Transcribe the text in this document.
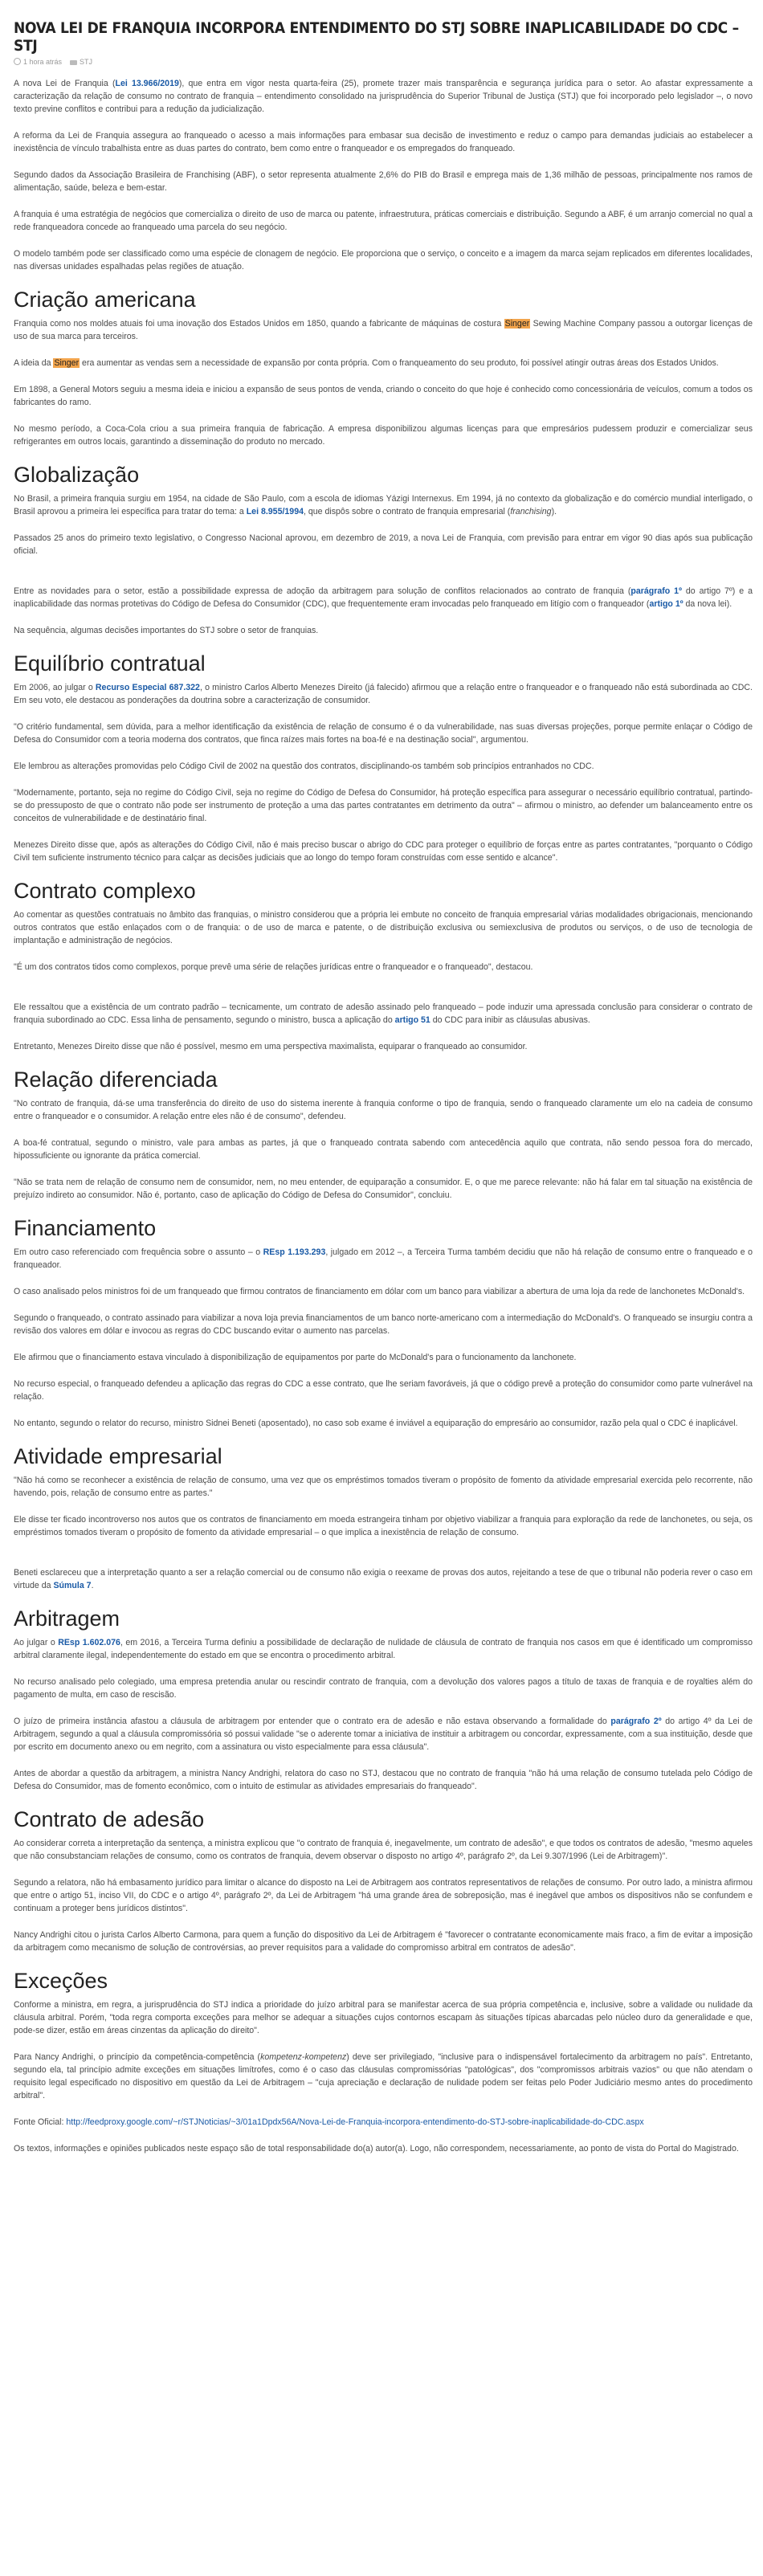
NOVA LEI DE FRANQUIA INCORPORA ENTENDIMENTO DO STJ SOBRE INAPLICABILIDADE DO CDC – STJ
1 hora atrás	STJ

A nova Lei de Franquia (Lei 13.966/2019), que entra em vigor nesta quarta-feira (25), promete trazer mais transparência e segurança jurídica para o setor. Ao afastar expressamente a caracterização da relação de consumo no contrato de franquia – entendimento consolidado na jurisprudência do Superior Tribunal de Justiça (STJ) que foi incorporado pelo legislador –, o novo texto previne conflitos e contribui para a redução da judicialização.

A reforma da Lei de Franquia assegura ao franqueado o acesso a mais informações para embasar sua decisão de investimento e reduz o campo para demandas judiciais ao estabelecer a inexistência de vínculo trabalhista entre as duas partes do contrato, bem como entre o franqueador e os empregados do franqueado.

Segundo dados da Associação Brasileira de Franchising (ABF), o setor representa atualmente 2,6% do PIB do Brasil e emprega mais de 1,36 milhão de pessoas, principalmente nos ramos de alimentação, saúde, beleza e bem-estar.

A franquia é uma estratégia de negócios que comercializa o direito de uso de marca ou patente, infraestrutura, práticas comerciais e distribuição. Segundo a ABF, é um arranjo comercial no qual a rede franqueadora concede ao franqueado uma parcela do seu negócio.

O modelo também pode ser classificado como uma espécie de clonagem de negócio. Ele proporciona que o serviço, o conceito e a imagem da marca sejam replicados em diferentes localidades, nas diversas unidades espalhadas pelas regiões de atuação.

Criação americana

Franquia como nos moldes atuais foi uma inovação dos Estados Unidos em 1850, quando a fabricante de máquinas de costura Singer Sewing Machine Company passou a outorgar licenças de uso de sua marca para terceiros.

A ideia da Singer era aumentar as vendas sem a necessidade de expansão por conta própria. Com o franqueamento do seu produto, foi possível atingir outras áreas dos Estados Unidos.

Em 1898, a General Motors seguiu a mesma ideia e iniciou a expansão de seus pontos de venda, criando o conceito do que hoje é conhecido como concessionária de veículos, comum a todos os fabricantes do ramo.

No mesmo período, a Coca-Cola criou a sua primeira franquia de fabricação. A empresa disponibilizou algumas licenças para que empresários pudessem produzir e comercializar seus refrigerantes em outros locais, garantindo a disseminação do produto no mercado.

Globalização

No Brasil, a primeira franquia surgiu em 1954, na cidade de São Paulo, com a escola de idiomas Yázigi Internexus. Em 1994, já no contexto da globalização e do comércio mundial interligado, o Brasil aprovou a primeira lei específica para tratar do tema: a Lei 8.955/1994, que dispôs sobre o contrato de franquia empresarial (franchising).

Passados 25 anos do primeiro texto legislativo, o Congresso Nacional aprovou, em dezembro de 2019, a nova Lei de Franquia, com previsão para entrar em vigor 90 dias após sua publicação oficial.

Entre as novidades para o setor, estão a possibilidade expressa de adoção da arbitragem para solução de conflitos relacionados ao contrato de franquia (parágrafo 1º do artigo 7º) e a inaplicabilidade das normas protetivas do Código de Defesa do Consumidor (CDC), que frequentemente eram invocadas pelo franqueado em litígio com o franqueador (artigo 1º da nova lei).

Na sequência, algumas decisões importantes do STJ sobre o setor de franquias.

Equilíbrio contratual

Em 2006, ao julgar o Recurso Especial 687.322, o ministro Carlos Alberto Menezes Direito (já falecido) afirmou que a relação entre o franqueador e o franqueado não está subordinada ao CDC. Em seu voto, ele destacou as ponderações da doutrina sobre a caracterização de consumidor.

"O critério fundamental, sem dúvida, para a melhor identificação da existência de relação de consumo é o da vulnerabilidade, nas suas diversas projeções, porque permite enlaçar o Código de Defesa do Consumidor com a teoria moderna dos contratos, que finca raízes mais fortes na boa-fé e na destinação social", argumentou.

Ele lembrou as alterações promovidas pelo Código Civil de 2002 na questão dos contratos, disciplinando-os também sob princípios entranhados no CDC.

"Modernamente, portanto, seja no regime do Código Civil, seja no regime do Código de Defesa do Consumidor, há proteção específica para assegurar o necessário equilíbrio contratual, partindo-se do pressuposto de que o contrato não pode ser instrumento de proteção a uma das partes contratantes em detrimento da outra" – afirmou o ministro, ao defender um balanceamento entre os conceitos de vulnerabilidade e de destinatário final.

Menezes Direito disse que, após as alterações do Código Civil, não é mais preciso buscar o abrigo do CDC para proteger o equilíbrio de forças entre as partes contratantes, "porquanto o Código Civil tem suficiente instrumento técnico para calçar as decisões judiciais que ao longo do tempo foram construídas com esse sentido e alcance".

Contrato complexo

Ao comentar as questões contratuais no âmbito das franquias, o ministro considerou que a própria lei embute no conceito de franquia empresarial várias modalidades obrigacionais, mencionando outros contratos que estão enlaçados com o de franquia: o de uso de marca e patente, o de distribuição exclusiva ou semiexclusiva de produtos ou serviços, o de uso de tecnologia de implantação e administração de negócios.

"É um dos contratos tidos como complexos, porque prevê uma série de relações jurídicas entre o franqueador e o franqueado", destacou.

Ele ressaltou que a existência de um contrato padrão – tecnicamente, um contrato de adesão assinado pelo franqueado – pode induzir uma apressada conclusão para considerar o contrato de franquia subordinado ao CDC. Essa linha de pensamento, segundo o ministro, busca a aplicação do artigo 51 do CDC para inibir as cláusulas abusivas.

Entretanto, Menezes Direito disse que não é possível, mesmo em uma perspectiva maximalista, equiparar o franqueado ao consumidor.

Relação diferenciada

"No contrato de franquia, dá-se uma transferência do direito de uso do sistema inerente à franquia conforme o tipo de franquia, sendo o franqueado claramente um elo na cadeia de consumo entre o franqueador e o consumidor. A relação entre eles não é de consumo", defendeu.

A boa-fé contratual, segundo o ministro, vale para ambas as partes, já que o franqueado contrata sabendo com antecedência aquilo que contrata, não sendo pessoa fora do mercado, hipossuficiente ou ignorante da prática comercial.

"Não se trata nem de relação de consumo nem de consumidor, nem, no meu entender, de equiparação a consumidor. E, o que me parece relevante: não há falar em tal situação na existência de prejuízo indireto ao consumidor. Não é, portanto, caso de aplicação do Código de Defesa do Consumidor", concluiu.

Financiamento

Em outro caso referenciado com frequência sobre o assunto – o REsp 1.193.293, julgado em 2012 –, a Terceira Turma também decidiu que não há relação de consumo entre o franqueado e o franqueador.

O caso analisado pelos ministros foi de um franqueado que firmou contratos de financiamento em dólar com um banco para viabilizar a abertura de uma loja da rede de lanchonetes McDonald's.

Segundo o franqueado, o contrato assinado para viabilizar a nova loja previa financiamentos de um banco norte-americano com a intermediação do McDonald's. O franqueado se insurgiu contra a revisão dos valores em dólar e invocou as regras do CDC buscando evitar o aumento nas parcelas.

Ele afirmou que o financiamento estava vinculado à disponibilização de equipamentos por parte do McDonald's para o funcionamento da lanchonete.

No recurso especial, o franqueado defendeu a aplicação das regras do CDC a esse contrato, que lhe seriam favoráveis, já que o código prevê a proteção do consumidor como parte vulnerável na relação.

No entanto, segundo o relator do recurso, ministro Sidnei Beneti (aposentado), no caso sob exame é inviável a equiparação do empresário ao consumidor, razão pela qual o CDC é inaplicável.

Atividade empresarial

"Não há como se reconhecer a existência de relação de consumo, uma vez que os empréstimos tomados tiveram o propósito de fomento da atividade empresarial exercida pelo recorrente, não havendo, pois, relação de consumo entre as partes."

Ele disse ter ficado incontroverso nos autos que os contratos de financiamento em moeda estrangeira tinham por objetivo viabilizar a franquia para exploração da rede de lanchonetes, ou seja, os empréstimos tomados tiveram o propósito de fomento da atividade empresarial – o que implica a inexistência de relação de consumo.

Beneti esclareceu que a interpretação quanto a ser a relação comercial ou de consumo não exigia o reexame de provas dos autos, rejeitando a tese de que o tribunal não poderia rever o caso em virtude da Súmula 7.

Arbitragem

Ao julgar o REsp 1.602.076, em 2016, a Terceira Turma definiu a possibilidade de declaração de nulidade de cláusula de contrato de franquia nos casos em que é identificado um compromisso arbitral claramente ilegal, independentemente do estado em que se encontra o procedimento arbitral.

No recurso analisado pelo colegiado, uma empresa pretendia anular ou rescindir contrato de franquia, com a devolução dos valores pagos a título de taxas de franquia e de royalties além do pagamento de multa, em caso de rescisão.

O juízo de primeira instância afastou a cláusula de arbitragem por entender que o contrato era de adesão e não estava observando a formalidade do parágrafo 2º do artigo 4º da Lei de Arbitragem, segundo a qual a cláusula compromissória só possui validade "se o aderente tomar a iniciativa de instituir a arbitragem ou concordar, expressamente, com a sua instituição, desde que por escrito em documento anexo ou em negrito, com a assinatura ou visto especialmente para essa cláusula".

Antes de abordar a questão da arbitragem, a ministra Nancy Andrighi, relatora do caso no STJ, destacou que no contrato de franquia "não há uma relação de consumo tutelada pelo Código de Defesa do Consumidor, mas de fomento econômico, com o intuito de estimular as atividades empresariais do franqueado".

Contrato de adesão

Ao considerar correta a interpretação da sentença, a ministra explicou que "o contrato de franquia é, inegavelmente, um contrato de adesão", e que todos os contratos de adesão, "mesmo aqueles que não consubstanciam relações de consumo, como os contratos de franquia, devem observar o disposto no artigo 4º, parágrafo 2º, da Lei 9.307/1996 (Lei de Arbitragem)".

Segundo a relatora, não há embasamento jurídico para limitar o alcance do disposto na Lei de Arbitragem aos contratos representativos de relações de consumo. Por outro lado, a ministra afirmou que entre o artigo 51, inciso VII, do CDC e o artigo 4º, parágrafo 2º, da Lei de Arbitragem "há uma grande área de sobreposição, mas é inegável que ambos os dispositivos não se confundem e continuam a proteger bens jurídicos distintos".

Nancy Andrighi citou o jurista Carlos Alberto Carmona, para quem a função do dispositivo da Lei de Arbitragem é "favorecer o contratante economicamente mais fraco, a fim de evitar a imposição da arbitragem como mecanismo de solução de controvérsias, ao prever requisitos para a validade do compromisso arbitral em contratos de adesão".

Exceções

Conforme a ministra, em regra, a jurisprudência do STJ indica a prioridade do juízo arbitral para se manifestar acerca de sua própria competência e, inclusive, sobre a validade ou nulidade da cláusula arbitral. Porém, "toda regra comporta exceções para melhor se adequar a situações cujos contornos escapam às situações típicas abarcadas pelo núcleo duro da generalidade e que, pode-se dizer, estão em áreas cinzentas da aplicação do direito".

Para Nancy Andrighi, o princípio da competência-competência (kompetenz-kompetenz) deve ser privilegiado, "inclusive para o indispensável fortalecimento da arbitragem no país". Entretanto, segundo ela, tal princípio admite exceções em situações limítrofes, como é o caso das cláusulas compromissórias "patológicas", dos "compromissos arbitrais vazios" ou que não atendam o requisito legal especificado no dispositivo em questão da Lei de Arbitragem – "cuja apreciação e declaração de nulidade podem ser feitas pelo Poder Judiciário mesmo antes do procedimento arbitral".

Fonte Oficial: http://feedproxy.google.com/~r/STJNoticias/~3/01a1Dpdx56A/Nova-Lei-de-Franquia-incorpora-entendimento-do-STJ-sobre-inaplicabilidade-do-CDC.aspx

Os textos, informações e opiniões publicados neste espaço são de total responsabilidade do(a) autor(a). Logo, não correspondem, necessariamente, ao ponto de vista do Portal do Magistrado.
